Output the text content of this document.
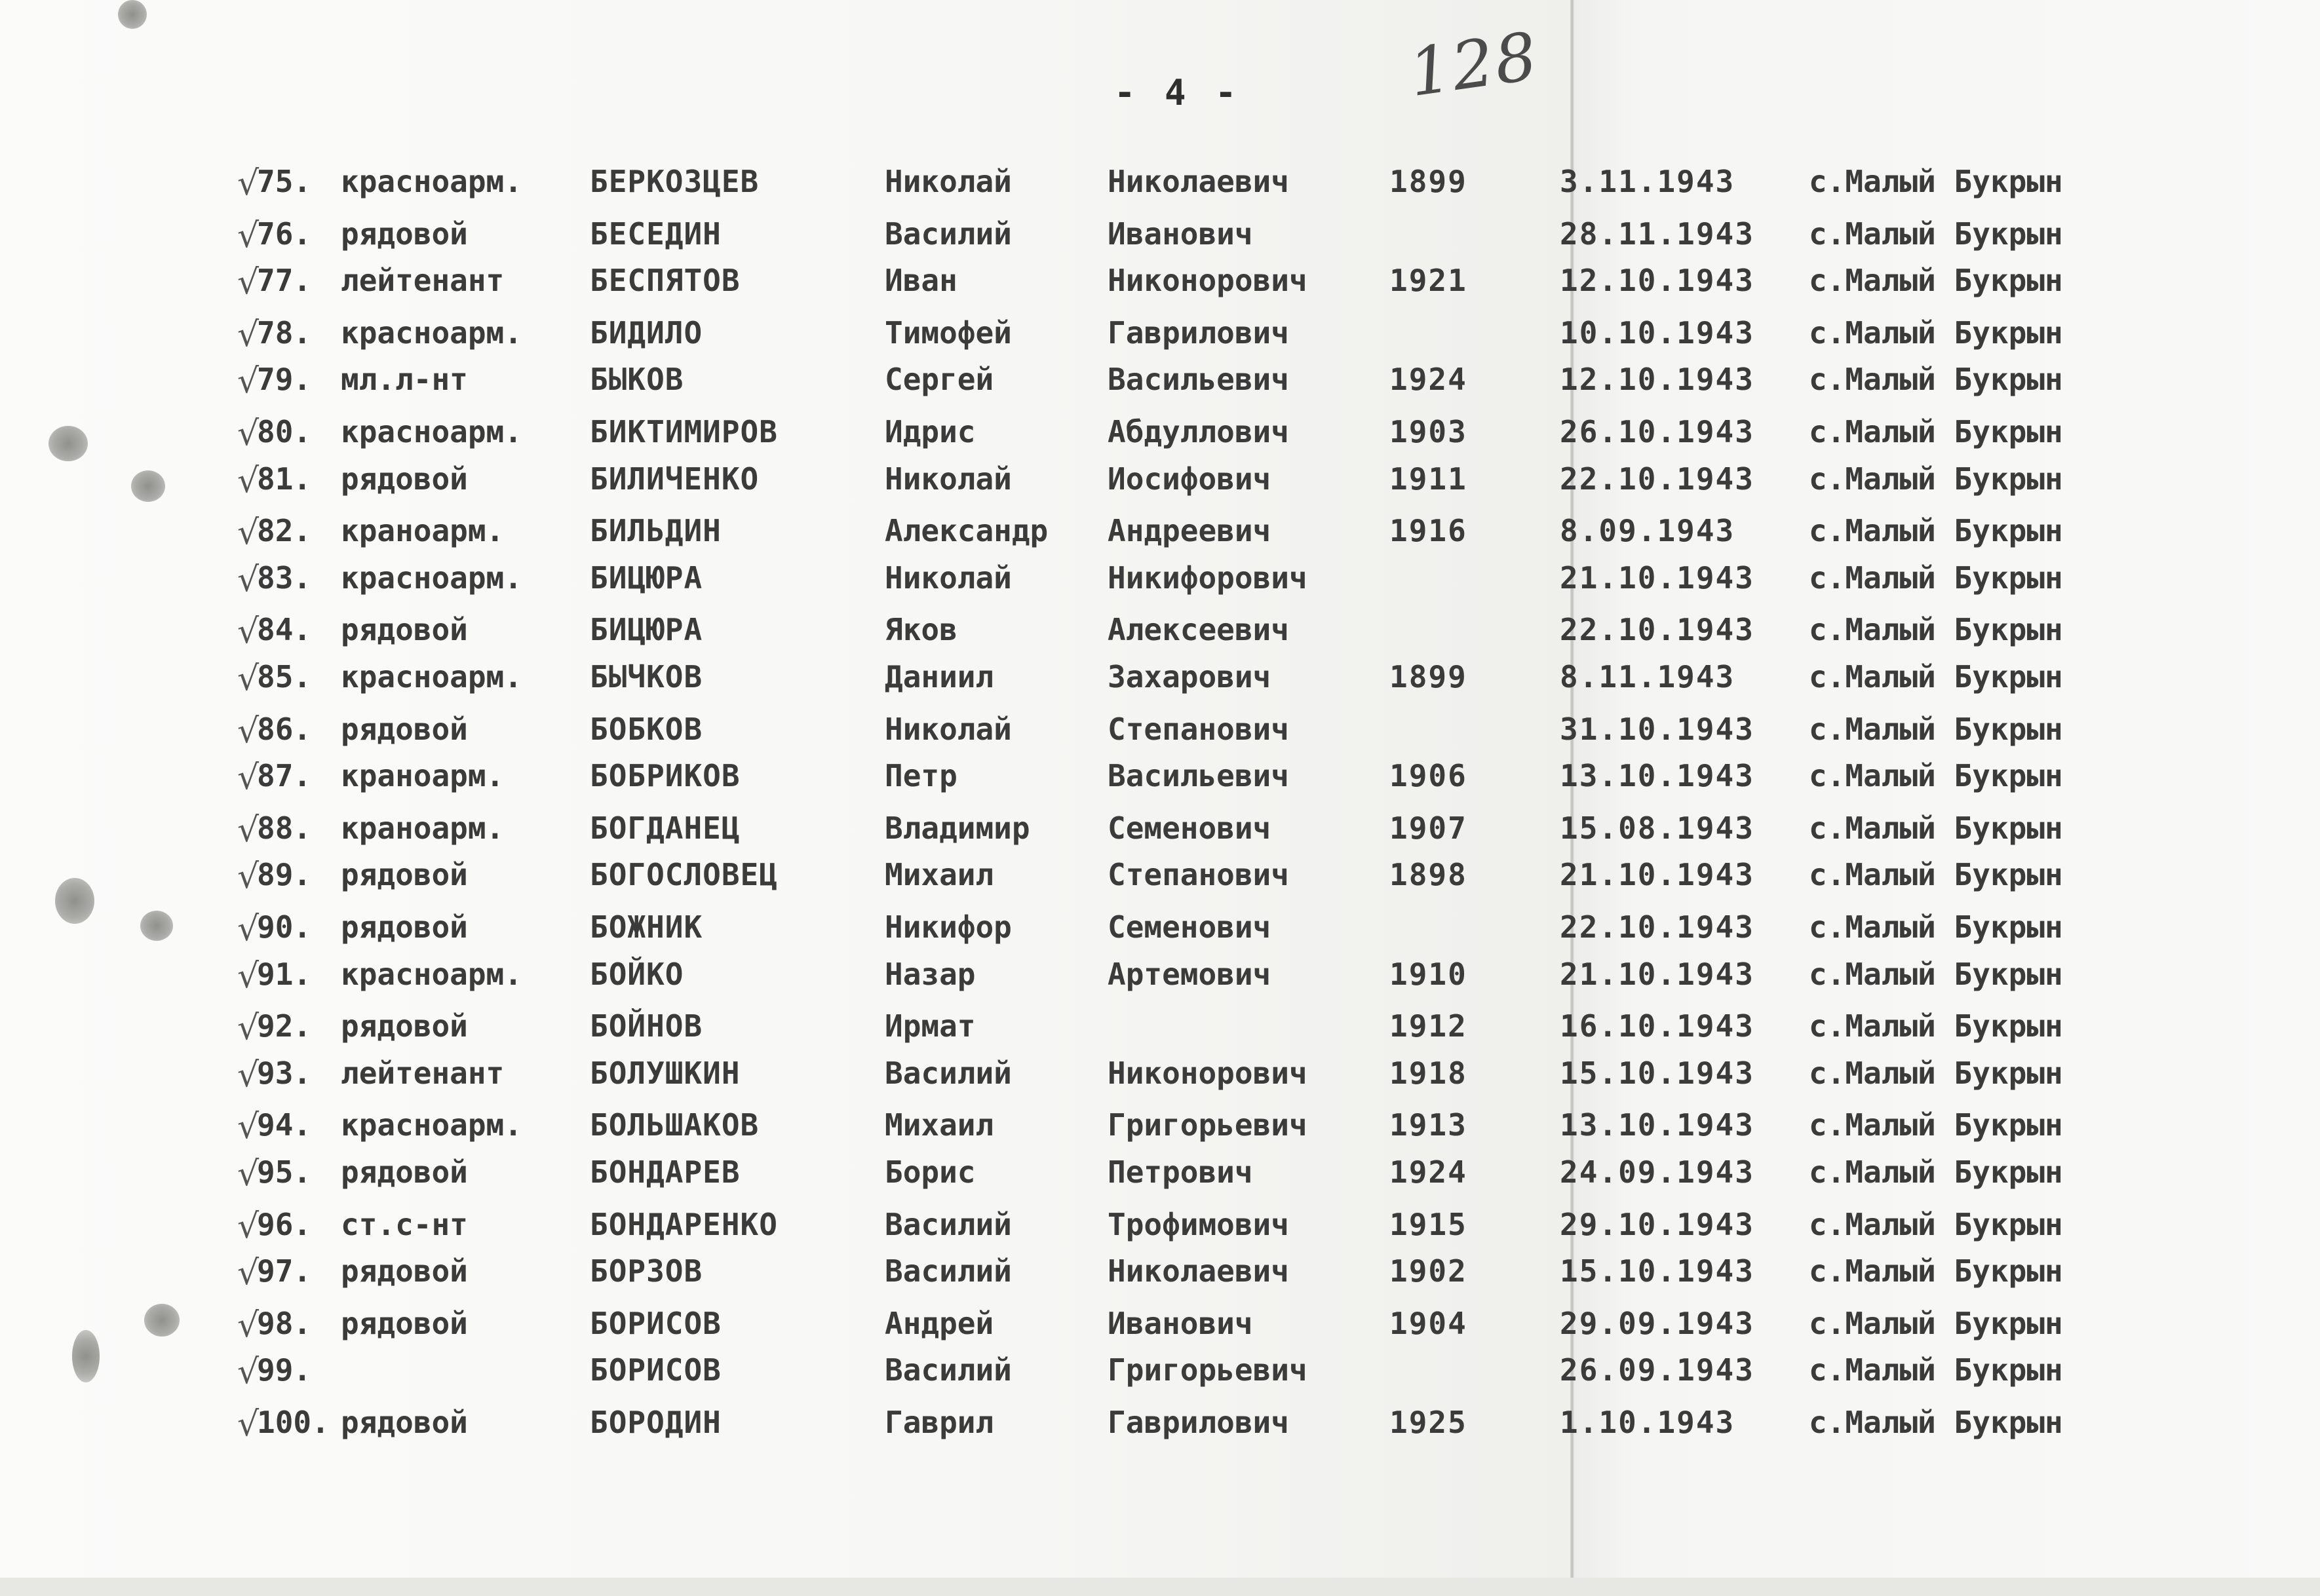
- 4 -	128
√
75. красноарм. БЕРКОЗЦЕВ	Николай	Николаевич	1899	3.11.1943 с.Малый Букрын
√
76. рядовой	БЕСЕДИН	Василий	Иванович	28.11.1943 с.Малый Букрын
√
77. лейтенант	БЕСПЯТОВ	Иван	Никонорович	1921	12.10.1943 с.Малый Букрын
√
78. красноарм. БИДИЛО	Тимофей	Гаврилович	10.10.1943 с.Малый Букрын
√
79. мл.л-нт	БЫКОВ	Сергей	Васильевич	1924	12.10.1943 с.Малый Букрын
√
80. красноарм. БИКТИМИРОВ	Идрис	Абдуллович	1903	26.10.1943 с.Малый Букрын
√
81. рядовой	БИЛИЧЕНКО	Николай	Иосифович	1911	22.10.1943 с.Малый Букрын
√
82. краноарм.	БИЛЬДИН	Александр Андреевич	1916	8.09.1943 с.Малый Букрын
√
83. красноарм. БИЦЮРА	Николай	Никифорович	21.10.1943 с.Малый Букрын
√
84. рядовой	БИЦЮРА	Яков	Алексеевич	22.10.1943 с.Малый Букрын
√
85. красноарм. БЫЧКОВ	Даниил	Захарович	1899	8.11.1943 с.Малый Букрын
√
86. рядовой	БОБКОВ	Николай	Степанович	31.10.1943 с.Малый Букрын
√
87. краноарм.	БОБРИКОВ	Петр	Васильевич	1906	13.10.1943 с.Малый Букрын
√
88. краноарм.	БОГДАНЕЦ	Владимир	Семенович	1907	15.08.1943 с.Малый Букрын
√
89. рядовой	БОГОСЛОВЕЦ	Михаил	Степанович	1898	21.10.1943 с.Малый Букрын
√
90. рядовой	БОЖНИК	Никифор	Семенович	22.10.1943 с.Малый Букрын
√
91. красноарм. БОЙКО	Назар	Артемович	1910	21.10.1943 с.Малый Букрын
√
92. рядовой	БОЙНОВ	Ирмат	1912	16.10.1943 с.Малый Букрын
√
93. лейтенант	БОЛУШКИН	Василий	Никонорович	1918	15.10.1943 с.Малый Букрын
√
94. красноарм. БОЛЬШАКОВ	Михаил	Григорьевич	1913	13.10.1943 с.Малый Букрын
√
95. рядовой	БОНДАРЕВ	Борис	Петрович	1924	24.09.1943 с.Малый Букрын
√
96. ст.с-нт	БОНДАРЕНКО	Василий	Трофимович	1915	29.10.1943 с.Малый Букрын
√
97. рядовой	БОРЗОВ	Василий	Николаевич	1902	15.10.1943 с.Малый Букрын
√
98. рядовой	БОРИСОВ	Андрей	Иванович	1904	29.09.1943 с.Малый Букрын
√
99.	БОРИСОВ	Василий	Григорьевич	26.09.1943 с.Малый Букрын
√
100. рядовой	БОРОДИН	Гаврил	Гаврилович	1925	1.10.1943 с.Малый Букрын
